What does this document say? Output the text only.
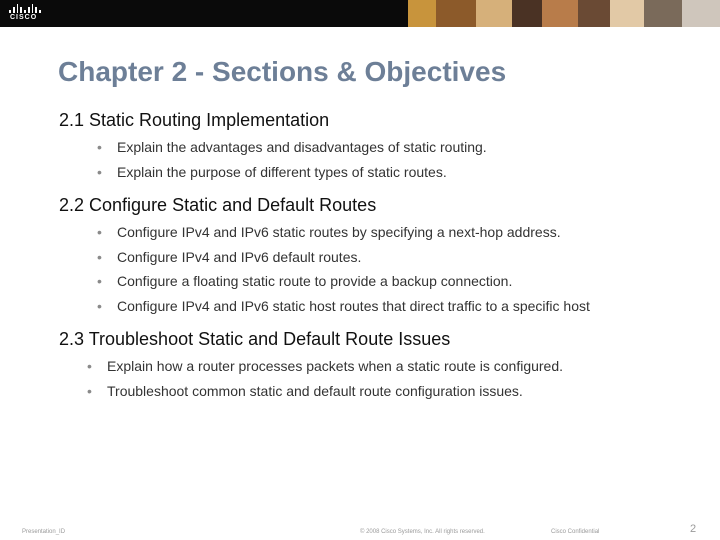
CISCO
Chapter 2 - Sections & Objectives
2.1 Static Routing Implementation
• Explain the advantages and disadvantages of static routing.
• Explain the purpose of different types of static routes.
2.2 Configure Static and Default Routes
• Configure IPv4 and IPv6 static routes by specifying a next-hop address.
• Configure IPv4 and IPv6 default routes.
• Configure a floating static route to provide a backup connection.
• Configure IPv4 and IPv6 static host routes that direct traffic to a specific host
2.3 Troubleshoot Static and Default Route Issues
• Explain how a router processes packets when a static route is configured.
• Troubleshoot common static and default route configuration issues.
Presentation_ID	© 2008 Cisco Systems, Inc. All rights reserved.	Cisco Confidential	2
